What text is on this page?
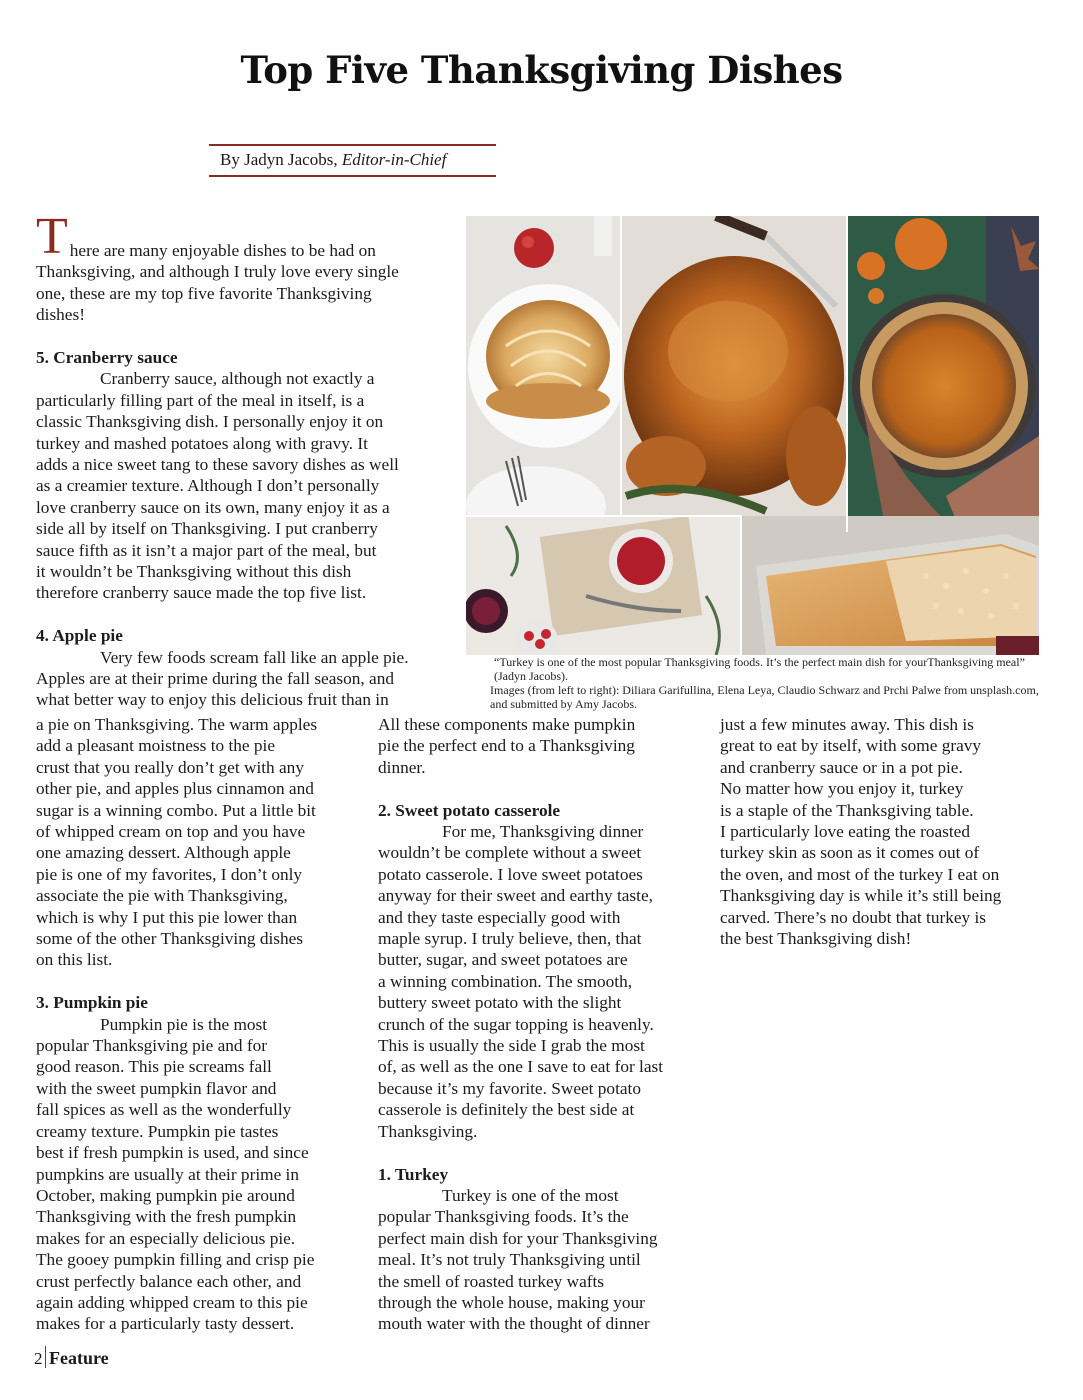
Top Five Thanksgiving Dishes
By Jadyn Jacobs, Editor-in-Chief
T here are many enjoyable dishes to be had on
Thanksgiving, and although I truly love every single
one, these are my top five favorite Thanksgiving
dishes!
5. Cranberry sauce
Cranberry sauce, although not exactly a
particularly filling part of the meal in itself, is a
classic Thanksgiving dish. I personally enjoy it on
turkey and mashed potatoes along with gravy. It
adds a nice sweet tang to these savory dishes as well
as a creamier texture. Although I don’t personally
love cranberry sauce on its own, many enjoy it as a
side all by itself on Thanksgiving. I put cranberry
sauce fifth as it isn’t a major part of the meal, but
it wouldn’t be Thanksgiving without this dish
therefore cranberry sauce made the top five list.
4. Apple pie
Very few foods scream fall like an apple pie.
Apples are at their prime during the fall season, and
what better way to enjoy this delicious fruit than in
a pie on Thanksgiving. The warm apples
add a pleasant moistness to the pie
crust that you really don’t get with any
other pie, and apples plus cinnamon and
sugar is a winning combo. Put a little bit
of whipped cream on top and you have
one amazing dessert. Although apple
pie is one of my favorites, I don’t only
associate the pie with Thanksgiving,
which is why I put this pie lower than
some of the other Thanksgiving dishes
on this list.
3. Pumpkin pie
Pumpkin pie is the most
popular Thanksgiving pie and for
good reason. This pie screams fall
with the sweet pumpkin flavor and
fall spices as well as the wonderfully
creamy texture. Pumpkin pie tastes
best if fresh pumpkin is used, and since
pumpkins are usually at their prime in
October, making pumpkin pie around
Thanksgiving with the fresh pumpkin
makes for an especially delicious pie.
The gooey pumpkin filling and crisp pie
crust perfectly balance each other, and
again adding whipped cream to this pie
makes for a particularly tasty dessert.
All these components make pumpkin
pie the perfect end to a Thanksgiving
dinner.
2. Sweet potato casserole
For me, Thanksgiving dinner
wouldn’t be complete without a sweet
potato casserole. I love sweet potatoes
anyway for their sweet and earthy taste,
and they taste especially good with
maple syrup. I truly believe, then, that
butter, sugar, and sweet potatoes are
a winning combination. The smooth,
buttery sweet potato with the slight
crunch of the sugar topping is heavenly.
This is usually the side I grab the most
of, as well as the one I save to eat for last
because it’s my favorite. Sweet potato
casserole is definitely the best side at
Thanksgiving.
1. Turkey
Turkey is one of the most
popular Thanksgiving foods. It’s the
perfect main dish for your Thanksgiving
meal. It’s not truly Thanksgiving until
the smell of roasted turkey wafts
through the whole house, making your
mouth water with the thought of dinner
just a few minutes away. This dish is
great to eat by itself, with some gravy
and cranberry sauce or in a pot pie.
No matter how you enjoy it, turkey
is a staple of the Thanksgiving table.
I particularly love eating the roasted
turkey skin as soon as it comes out of
the oven, and most of the turkey I eat on
Thanksgiving day is while it’s still being
carved. There’s no doubt that turkey is
the best Thanksgiving dish!
“Turkey is one of the most popular Thanksgiving foods. It’s the perfect main dish for yourThanksgiving meal” (Jadyn Jacobs).
Images (from left to right): Diliara Garifullina, Elena Leya, Claudio Schwarz and Prchi Palwe from unsplash.com, and submitted by Amy Jacobs.
2 Feature
